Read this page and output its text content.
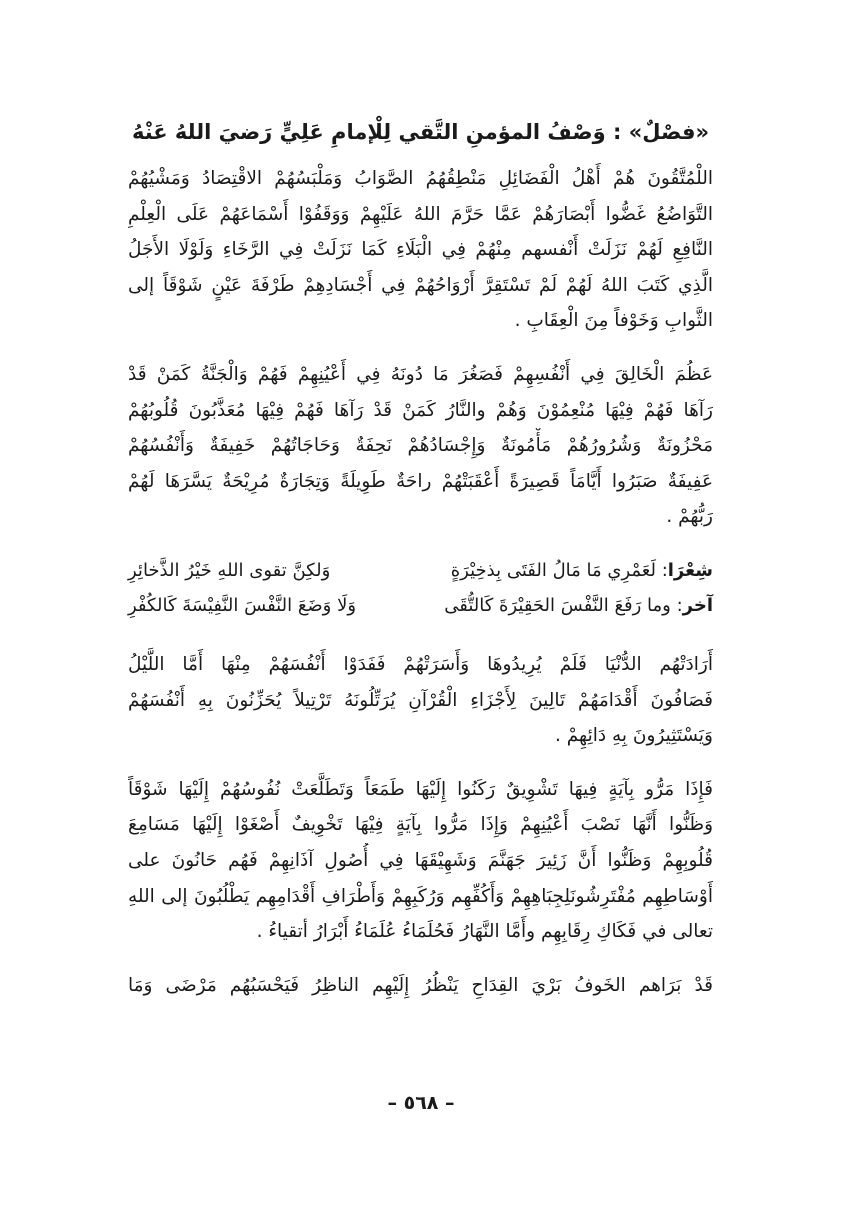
«فصْلٌ» : وَصْفُ المؤمنِ التَّقي لِلْإمامِ عَلِيٍّ رَضيَ اللهُ عَنْهُ
اللْمُتَّقُونَ هُمْ أَهْلُ الْفَضَائِلِ مَنْطِقُهُمُ الصَّوَابُ وَمَلْبَسُهُمْ الاقْتِصَادُ وَمَشْيُهُمْ
التَّوَاضُعُ غَضُّوا أَبْصَارَهُمْ عَمَّا حَرَّمَ اللهُ عَلَيْهِمْ وَوَقَفُوْا أَسْمَاعَهُمْ عَلَى الْعِلْمِ
النَّافِعِ لَهُمْ نَزَلَتْ أَنْفسهم مِنْهُمْ فِي الْبَلَاءِ كَمَا نَزَلَتْ فِي الرَّخَاءِ وَلَوْلَا الأَجَلُ
الَّذِي كَتَبَ اللهُ لَهُمْ لَمْ تَسْتَقِرَّ أَرْوَاحُهُمْ فِي أَجْسَادِهِمْ طَرْفَةَ عَيْنٍ شَوْقَاً إلى
الثَّوابِ وَخَوْفاً مِنَ الْعِقَابِ .
عَظُمَ الْخَالِقَ فِي أَنْفُسِهِمْ فَصَغُرَ مَا دُونَهُ فِي أَعْيُنِهِمْ فَهُمْ وَالْجَنَّةُ كَمَنْ قَدْ
رَآهَا فَهُمْ فِيْهَا مُنْعِمُوْنَ وَهُمْ والنَّارُ كَمَنْ قَدْ رَآهَا فَهُمْ فِيْهَا مُعَذَّبُونَ قُلُوبُهُمْ
مَحْزُونَةٌ وَشُرُورُهُمْ مَأْمُونَةٌ وَإِجْسَادُهُمْ نَحِفَةٌ وَحَاجَاتُهُمْ خَفِيفَةٌ وَأَنْفُسُهُمْ
عَفِيفَةٌ صَبَرُوا أَيَّامَاً قَصِيرَةً أَعْقَبَتْهُمْ راحَةٌ طَوِيلَةً وَتِجَارَةٌ مُرِيْحَةٌ يَسَّرَهَا لَهُمْ
رَبُّهُمْ .
شِعْرَا: لَعَمْرِي مَا مَالُ الفَتَى بِذخِيْرَةٍ
وَلكِنَّ تقوى اللهِ خَيْرُ الذَّخائِرِ
آخر: وما رَفَعَ النَّفْسَ الحَقِيْرَةَ كَالتُّقَى
وَلَا وَضَعَ النَّفْسَ النَّفِيْسَةَ كَالكُفْرِ
أَرَادَتْهُم الدُّنْيَا فَلَمْ يُرِيدُوهَا وَأَسَرَتْهُمْ فَفَدَوْا أَنْفُسَهُمْ مِنْهَا أَمَّا اللَّيْلُ
فَصَافُونَ أَقْدَامَهُمْ تَالِينَ لِأَجْزَاءِ الْقُرْآنِ يُرَتِّلُونَهُ تَرْتِيلاً يُحَزِّنُونَ بِهِ أَنْفُسَهُمْ
وَيَسْتَثِيرُونَ بِهِ دَائِهِمْ .
فَإِذَا مَرُّو بِآيَةٍ فِيهَا تَشْوِيقٌ رَكَنُوا إِلَيْهَا طَمَعَاً وَتَطَلَّعَتْ نُفُوسُهُمْ إِلَيْهَا شَوْقَاً
وَظَنُّوا أَنَّهَا نَصْبَ أَعْيُنِهِمْ وَإِذَا مَرُّوا بِآيَةٍ فِيْهَا تَخْوِيفٌ أَصْغَوْا إِلَيْهَا مَسَامِعَ
قُلُوبِهِمْ وَظَنُّوا أَنَّ زَئِيرَ جَهَنَّمَ وَشَهِيْقَهَا فِي أُصُولِ آذَانِهِمْ فَهُم حَانُونَ على
أَوْسَاطِهِم مُفْتَرِشُونَلِجِبَاهِهِمْ وَأَكُفِّهِم وَرُكَبِهِمْ وَأَطْرَافِ أَقْدَامِهِم يَطْلُبُونَ إلى اللهِ
تعالى في فَكَاكِ رِقَابِهِم وأَمَّا النَّهَارُ فَحُلَمَاءُ عُلَمَاءُ أَبْرَارُ أتقياءُ .
قَدْ بَرَاهم الخَوفُ بَرْيَ القِدَاحِ يَنْظُرُ إِلَيْهِم الناظِرُ فَيَحْسَبُهُم مَرْضَى وَمَا
– ٥٦٨ –
